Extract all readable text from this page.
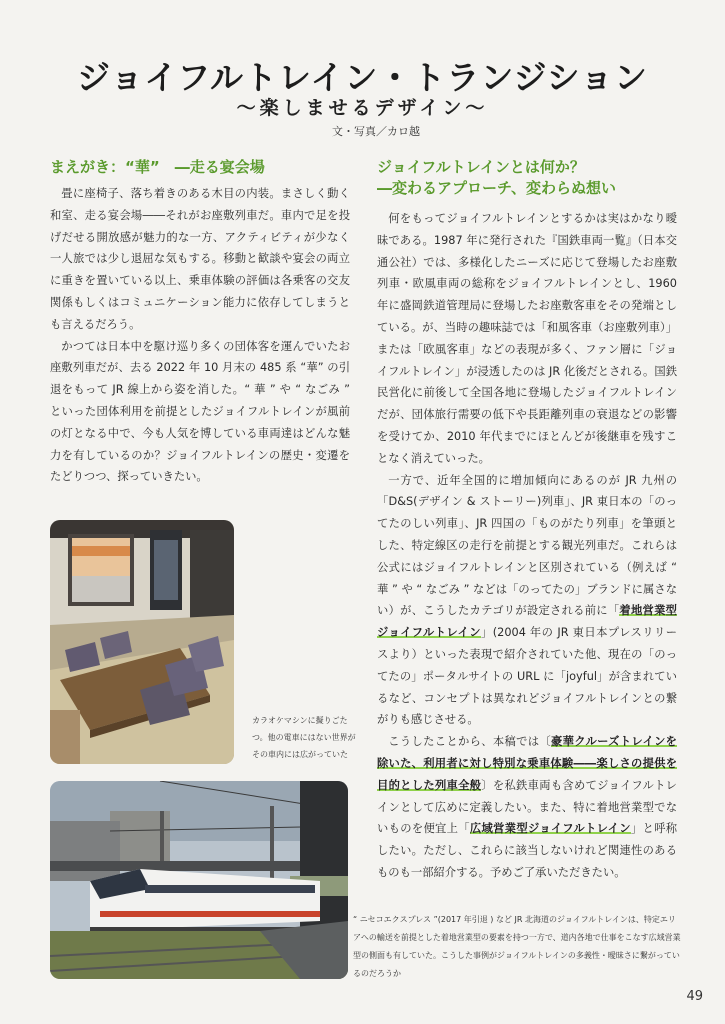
ジョイフルトレイン・トランジション
～楽しませるデザイン～
文・写真／カロ越
まえがき：“華”　―走る宴会場

畳に座椅子、落ち着きのある木目の内装。まさしく動く和室、走る宴会場――それがお座敷列車だ。車内で足を投げだせる開放感が魅力的な一方、アクティビティが少なく一人旅では少し退屈な気もする。移動と歓談や宴会の両立に重きを置いている以上、乗車体験の評価は各乗客の交友関係もしくはコミュニケーション能力に依存してしまうとも言えるだろう。

かつては日本中を駆け巡り多くの団体客を運んでいたお座敷列車だが、去る 2022 年 10 月末の 485 系 “華” の引退をもって JR 線上から姿を消した。“ 華 ” や “ なごみ ” といった団体利用を前提としたジョイフルトレインが風前の灯となる中で、今も人気を博している車両達はどんな魅力を有しているのか？ジョイフルトレインの歴史・変遷をたどりつつ、探っていきたい。

ジョイフルトレインとは何か？
―変わるアプローチ、変わらぬ想い

何をもってジョイフルトレインとするかは実はかなり曖昧である。1987 年に発行された『国鉄車両一覧』（日本交通公社）では、多様化したニーズに応じて登場したお座敷列車・欧風車両の総称をジョイフルトレインとし、1960 年に盛岡鉄道管理局に登場したお座敷客車をその発端としている。が、当時の趣味誌では「和風客車（お座敷列車）」または「欧風客車」などの表現が多く、ファン層に「ジョイフルトレイン」が浸透したのは JR 化後だとされる。国鉄民営化に前後して全国各地に登場したジョイフルトレインだが、団体旅行需要の低下や長距離列車の衰退などの影響を受けてか、2010 年代までにほとんどが後継車を残すことなく消えていった。

一方で、近年全国的に増加傾向にあるのが JR 九州の「D&S(デザイン & ストーリー)列車」、JR 東日本の「のってたのしい列車」、JR 四国の「ものがたり列車」を筆頭とした、特定線区の走行を前提とする観光列車だ。これらは公式にはジョイフルトレインと区別されている（例えば “ 華 ” や “ なごみ ” などは「のってたの」ブランドに属さない）が、こうしたカテゴリが設定される前に「着地営業型ジョイフルトレイン」(2004 年の JR 東日本プレスリリースより）といった表現で紹介されていた他、現在の「のってたの」ポータルサイトの URL に「joyful」が含まれているなど、コンセプトは異なれどジョイフルトレインとの繋がりも感じさせる。

こうしたことから、本稿では〔豪華クルーズトレインを除いた、利用者に対し特別な乗車体験――楽しさの提供を目的とした列車全般〕を私鉄車両も含めてジョイフルトレインとして広めに定義したい。また、特に着地営業型でないものを便宜上「広域営業型ジョイフルトレイン」と呼称したい。ただし、これらに該当しないけれど関連性のあるものも一部紹介する。予めご了承いただきたい。

カラオケマシンに擬りごたつ。他の電車にはない世界がその車内には広がっていた
“ ニセコエクスプレス ”(2017 年引退 ) など JR 北海道のジョイフルトレインは、特定エリアへの輸送を前提とした着地営業型の要素を持つ一方で、道内各地で仕事をこなす広域営業型の側面も有していた。こうした事例がジョイフルトレインの多義性・曖昧さに繋がっているのだろうか
49
